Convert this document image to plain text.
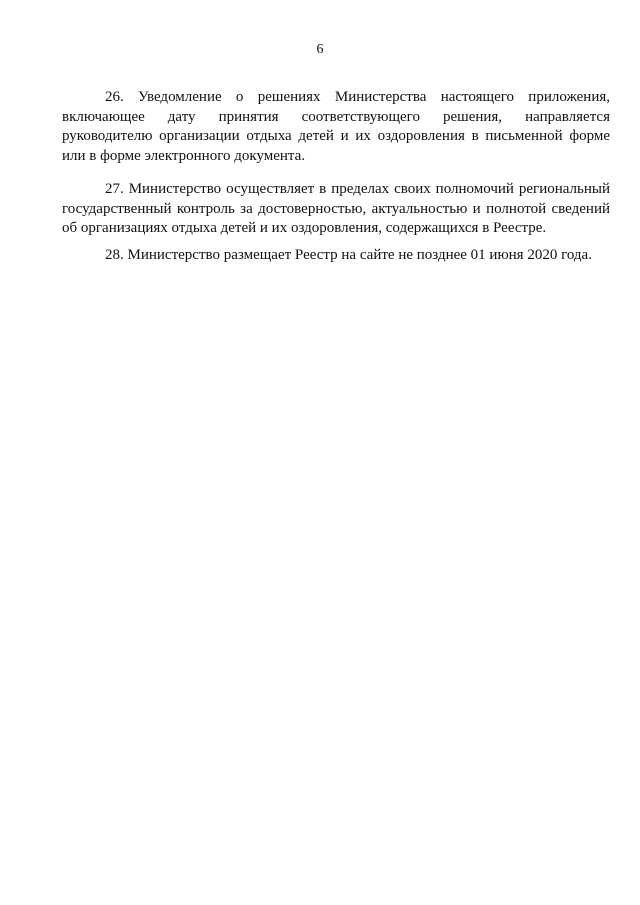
6

26. Уведомление о решениях Министерства настоящего приложения,
включающее дату принятия соответствующего решения, направляется
руководителю организации отдыха детей и их оздоровления в письменной форме
или в форме электронного документа.

27. Министерство осуществляет в пределах своих полномочий региональный
государственный контроль за достоверностью, актуальностью и полнотой сведений
об организациях отдыха детей и их оздоровления, содержащихся в Реестре.

28. Министерство размещает Реестр на сайте не позднее 01 июня 2020 года.
